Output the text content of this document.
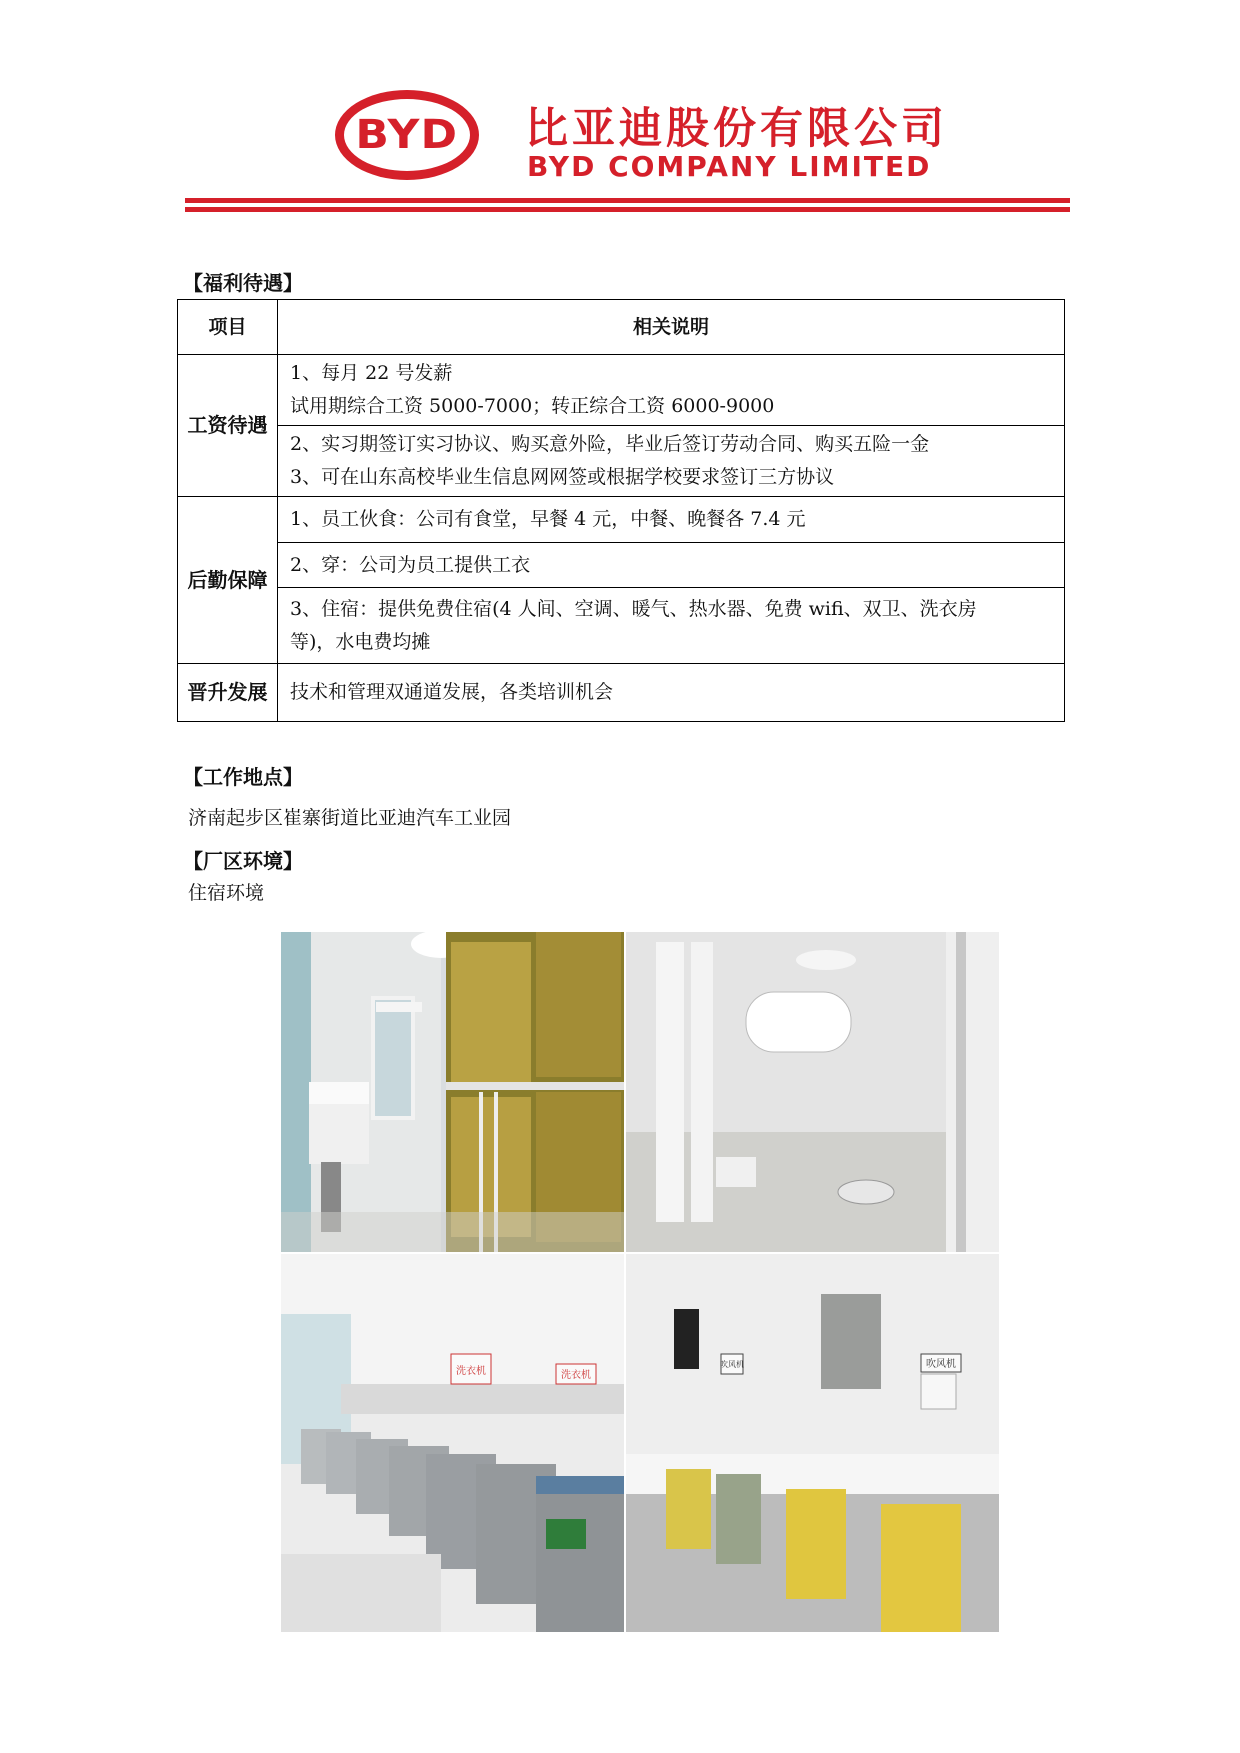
BYD 比亚迪股份有限公司
BYD COMPANY LIMITED
【福利待遇】
项目	相关说明
工资待遇	1、每月 22 号发薪
试用期综合工资 5000-7000；转正综合工资 6000-9000

	2、实习期签订实习协议、购买意外险，毕业后签订劳动合同、购买五险一金
3、可在山东高校毕业生信息网网签或根据学校要求签订三方协议

后勤保障	1、员工伙食：公司有食堂，早餐 4 元，中餐、晚餐各 7.4 元
	2、穿：公司为员工提供工衣

	3、住宿：提供免费住宿(4 人间、空调、暖气、热水器、免费 wifi、双卫、洗衣房
等)，水电费均摊

晋升发展	技术和管理双通道发展，各类培训机会
【工作地点】
济南起步区崔寨街道比亚迪汽车工业园
【厂区环境】
住宿环境
洗衣机	洗衣机
吹风机	吹风机
